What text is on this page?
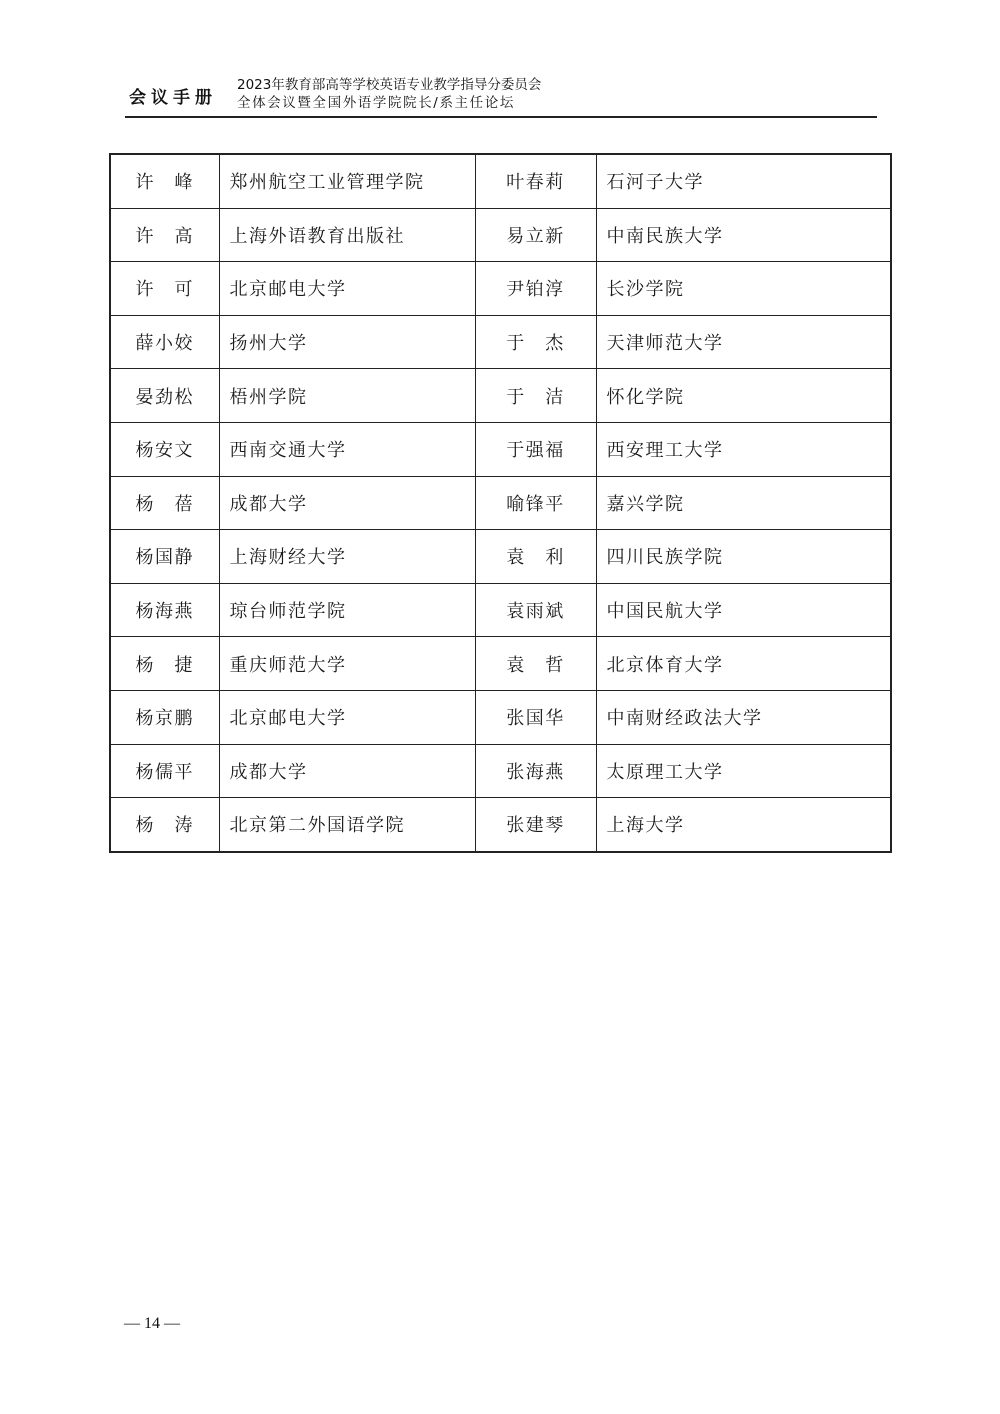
会议手册
2023年教育部高等学校英语专业教学指导分委员会
全体会议暨全国外语学院院长/系主任论坛
许　峰	郑州航空工业管理学院	叶春莉	石河子大学
许　高	上海外语教育出版社	易立新	中南民族大学
许　可	北京邮电大学	尹铂淳	长沙学院
薛小姣	扬州大学	于　杰	天津师范大学
晏劲松	梧州学院	于　洁	怀化学院
杨安文	西南交通大学	于强福	西安理工大学
杨　蓓	成都大学	喻锋平	嘉兴学院
杨国静	上海财经大学	袁　利	四川民族学院
杨海燕	琼台师范学院	袁雨斌	中国民航大学
杨　捷	重庆师范大学	袁　哲	北京体育大学
杨京鹏	北京邮电大学	张国华	中南财经政法大学
杨儒平	成都大学	张海燕	太原理工大学
杨　涛	北京第二外国语学院	张建琴	上海大学
— 14 —
